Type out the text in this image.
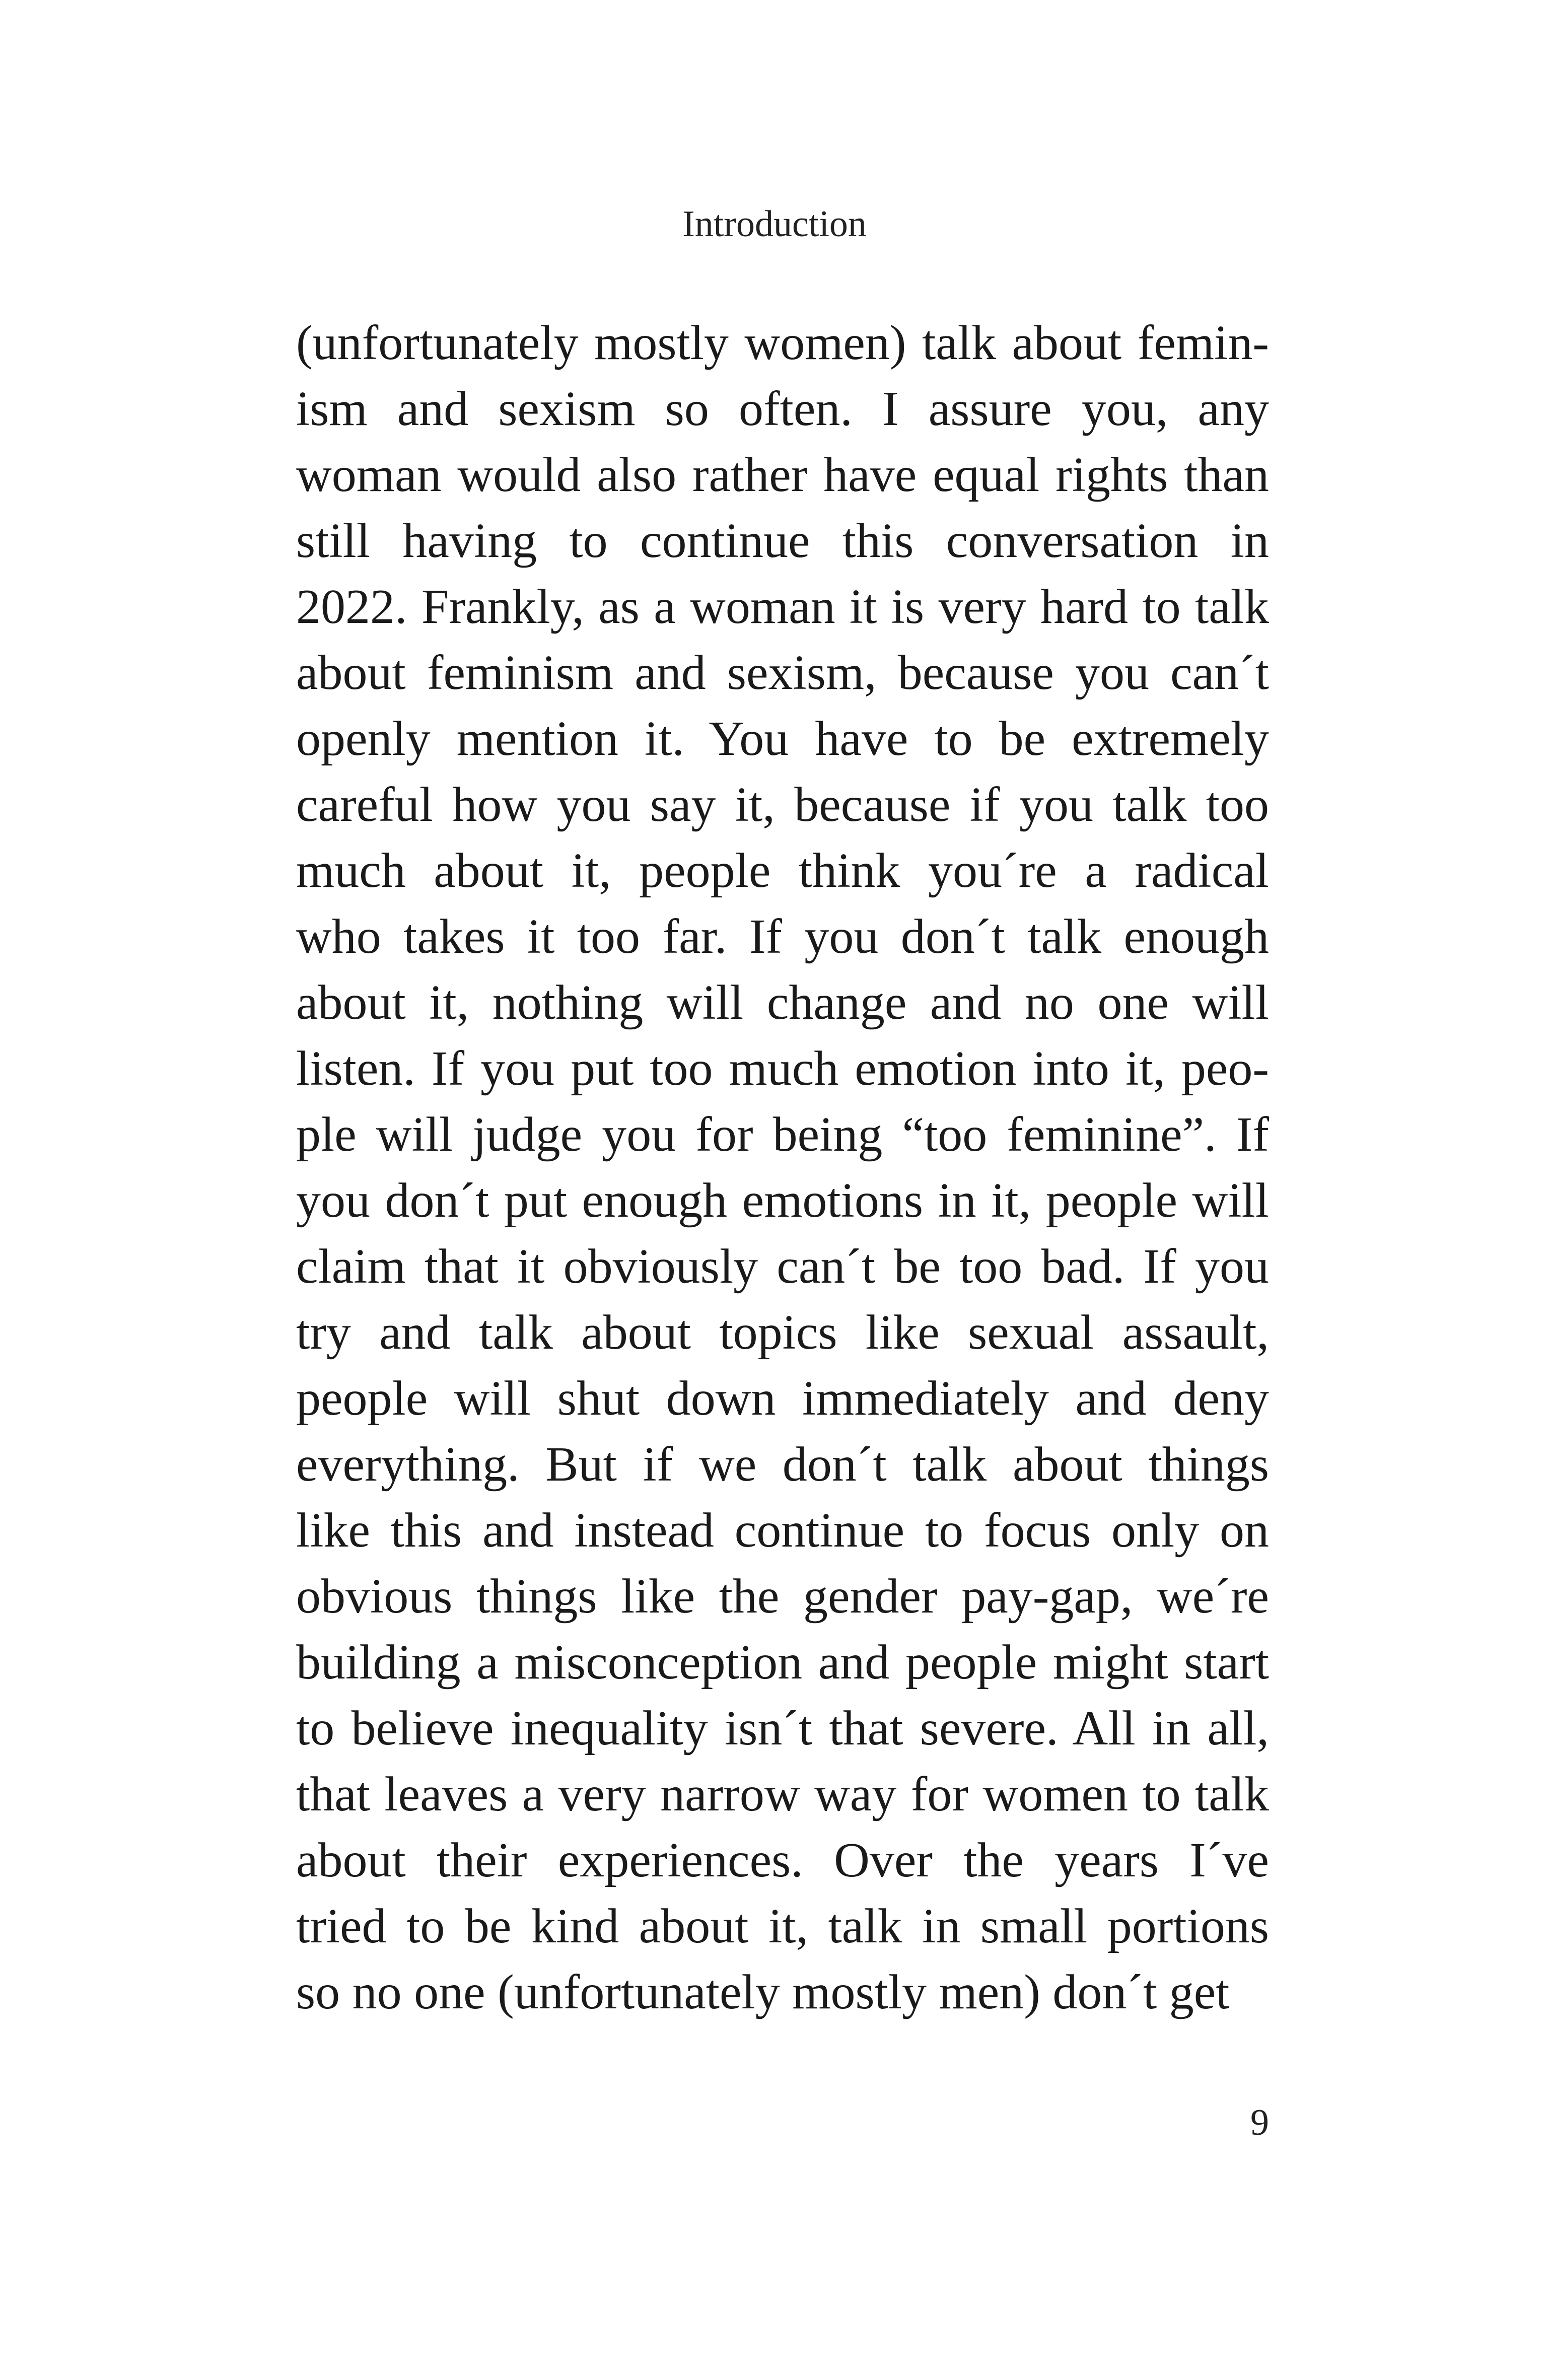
Introduction
(unfortunately mostly women) talk about femin-
ism and sexism so often. I assure you, any
woman would also rather have equal rights than
still having to continue this conversation in
2022. Frankly, as a woman it is very hard to talk
about feminism and sexism, because you can´t
openly mention it. You have to be extremely
careful how you say it, because if you talk too
much about it, people think you´re a radical
who takes it too far. If you don´t talk enough
about it, nothing will change and no one will
listen. If you put too much emotion into it, peo-
ple will judge you for being “too feminine”. If
you don´t put enough emotions in it, people will
claim that it obviously can´t be too bad. If you
try and talk about topics like sexual assault,
people will shut down immediately and deny
everything. But if we don´t talk about things
like this and instead continue to focus only on
obvious things like the gender pay-gap, we´re
building a misconception and people might start
to believe inequality isn´t that severe. All in all,
that leaves a very narrow way for women to talk
about their experiences. Over the years I´ve
tried to be kind about it, talk in small portions
so no one (unfortunately mostly men) don´t get
9
